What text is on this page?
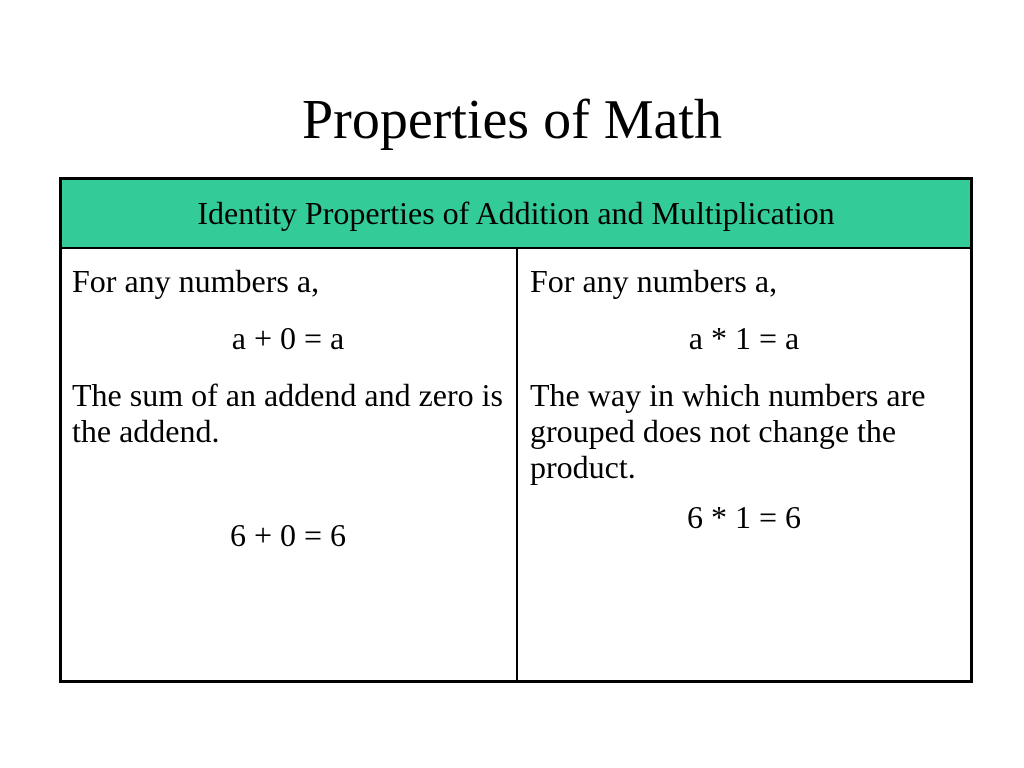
Properties of Math
Identity Properties of Addition and Multiplication
For any numbers a,
a + 0 = a
The sum of an addend and zero is the addend.
6 + 0 = 6
For any numbers a,
a * 1 = a
The way in which numbers are grouped does not change the product.
6 * 1 = 6
